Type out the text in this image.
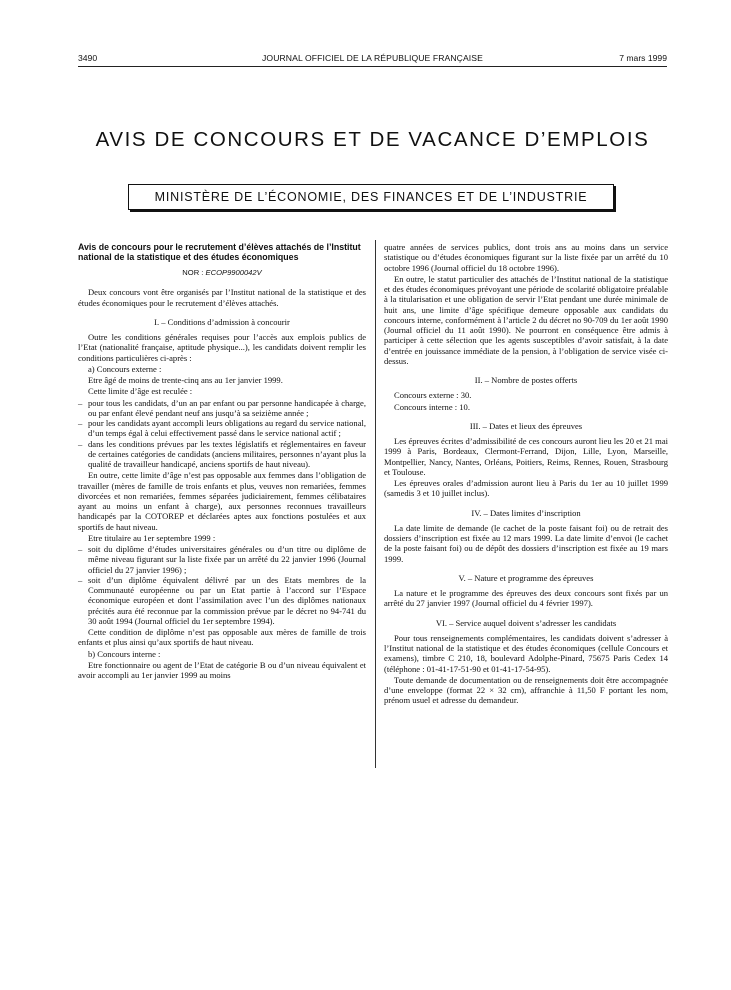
3490	JOURNAL OFFICIEL DE LA RÉPUBLIQUE FRANÇAISE	7 mars 1999
AVIS DE CONCOURS ET DE VACANCE D’EMPLOIS
MINISTÈRE DE L’ÉCONOMIE, DES FINANCES ET DE L’INDUSTRIE

Avis de concours pour le recrutement d’élèves attachés de l’Institut national de la statistique et des études économiques

NOR : ECOP9900042V

Deux concours vont être organisés par l’Institut national de la statistique et des études économiques pour le recrutement d’élèves attachés.

I. – Conditions d’admission à concourir

Outre les conditions générales requises pour l’accès aux emplois publics de l’Etat (nationalité française, aptitude physique...), les candidats doivent remplir les conditions particulières ci-après :

a) Concours externe :

Etre âgé de moins de trente-cinq ans au 1er janvier 1999.

Cette limite d’âge est reculée :

– pour tous les candidats, d’un an par enfant ou par personne handicapée à charge, ou par enfant élevé pendant neuf ans jusqu’à sa seizième année ;
– pour les candidats ayant accompli leurs obligations au regard du service national, d’un temps égal à celui effectivement passé dans le service national actif ;
– dans les conditions prévues par les textes législatifs et réglementaires en faveur de certaines catégories de candidats (anciens militaires, personnes n’ayant plus la qualité de travailleur handicapé, anciens sportifs de haut niveau).

En outre, cette limite d’âge n’est pas opposable aux femmes dans l’obligation de travailler (mères de famille de trois enfants et plus, veuves non remariées, femmes divorcées et non remariées, femmes séparées judiciairement, femmes célibataires ayant au moins un enfant à charge), aux personnes reconnues travailleurs handicapés par la COTOREP et déclarées aptes aux fonctions postulées et aux sportifs de haut niveau.

Etre titulaire au 1er septembre 1999 :

– soit du diplôme d’études universitaires générales ou d’un titre ou diplôme de même niveau figurant sur la liste fixée par un arrêté du 22 janvier 1996 (Journal officiel du 27 janvier 1996) ;
– soit d’un diplôme équivalent délivré par un des Etats membres de la Communauté européenne ou par un Etat partie à l’accord sur l’Espace économique européen et dont l’assimilation avec l’un des diplômes nationaux précités aura été reconnue par la commission prévue par le décret no 94-741 du 30 août 1994 (Journal officiel du 1er septembre 1994).

Cette condition de diplôme n’est pas opposable aux mères de famille de trois enfants et plus ainsi qu’aux sportifs de haut niveau.

b) Concours interne :

Etre fonctionnaire ou agent de l’Etat de catégorie B ou d’un niveau équivalent et avoir accompli au 1er janvier 1999 au moins

quatre années de services publics, dont trois ans au moins dans un service statistique ou d’études économiques figurant sur la liste fixée par un arrêté du 10 octobre 1996 (Journal officiel du 18 octobre 1996).

En outre, le statut particulier des attachés de l’Institut national de la statistique et des études économiques prévoyant une période de scolarité obligatoire préalable à la titularisation et une obligation de servir l’Etat pendant une durée minimale de huit ans, une limite d’âge spécifique demeure opposable aux candidats du concours interne, conformément à l’article 2 du décret no 90-709 du 1er août 1990 (Journal officiel du 11 août 1990). Ne pourront en conséquence être admis à participer à cette sélection que les agents susceptibles d’avoir satisfait, à la date d’entrée en jouissance immédiate de la pension, à l’obligation de service visée ci-dessus.

II. – Nombre de postes offerts

Concours externe : 30.

Concours interne : 10.

III. – Dates et lieux des épreuves

Les épreuves écrites d’admissibilité de ces concours auront lieu les 20 et 21 mai 1999 à Paris, Bordeaux, Clermont-Ferrand, Dijon, Lille, Lyon, Marseille, Montpellier, Nancy, Nantes, Orléans, Poitiers, Reims, Rennes, Rouen, Strasbourg et Toulouse.

Les épreuves orales d’admission auront lieu à Paris du 1er au 10 juillet 1999 (samedis 3 et 10 juillet inclus).

IV. – Dates limites d’inscription

La date limite de demande (le cachet de la poste faisant foi) ou de retrait des dossiers d’inscription est fixée au 12 mars 1999. La date limite d’envoi (le cachet de la poste faisant foi) ou de dépôt des dossiers d’inscription est fixée au 19 mars 1999.

V. – Nature et programme des épreuves

La nature et le programme des épreuves des deux concours sont fixés par un arrêté du 27 janvier 1997 (Journal officiel du 4 février 1997).

VI. – Service auquel doivent s’adresser les candidats

Pour tous renseignements complémentaires, les candidats doivent s’adresser à l’Institut national de la statistique et des études économiques (cellule Concours et examens), timbre C 210, 18, boulevard Adolphe-Pinard, 75675 Paris Cedex 14 (téléphone : 01-41-17-51-90 et 01-41-17-54-95).

Toute demande de documentation ou de renseignements doit être accompagnée d’une enveloppe (format 22 × 32 cm), affranchie à 11,50 F portant les nom, prénom usuel et adresse du demandeur.
